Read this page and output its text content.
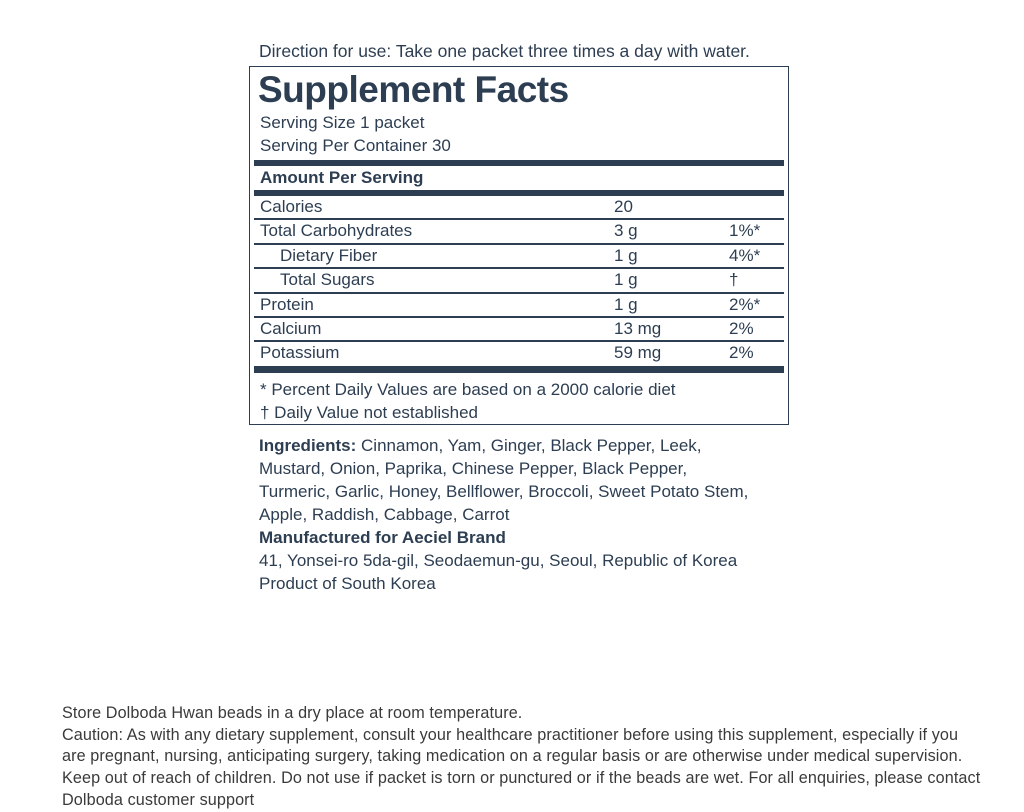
Direction for use: Take one packet three times a day with water.
Supplement Facts
Serving Size 1 packet
Serving Per Container 30
Amount Per Serving
Calories	20
Total Carbohydrates	3 g	1%*
Dietary Fiber	1 g	4%*
Total Sugars	1 g	†
Protein	1 g	2%*
Calcium	13 mg	2%
Potassium	59 mg	2%
* Percent Daily Values are based on a 2000 calorie diet
† Daily Value not established
Ingredients: Cinnamon, Yam, Ginger, Black Pepper, Leek, Mustard, Onion, Paprika, Chinese Pepper, Black Pepper, Turmeric, Garlic, Honey, Bellflower, Broccoli, Sweet Potato Stem, Apple, Raddish, Cabbage, Carrot
Manufactured for Aeciel Brand
41, Yonsei-ro 5da-gil, Seodaemun-gu, Seoul, Republic of Korea
Product of South Korea
Store Dolboda Hwan beads in a dry place at room temperature.
Caution: As with any dietary supplement, consult your healthcare practitioner before using this supplement, especially if you are pregnant, nursing, anticipating surgery, taking medication on a regular basis or are otherwise under medical supervision. Keep out of reach of children. Do not use if packet is torn or punctured or if the beads are wet. For all enquiries, please contact Dolboda customer support
